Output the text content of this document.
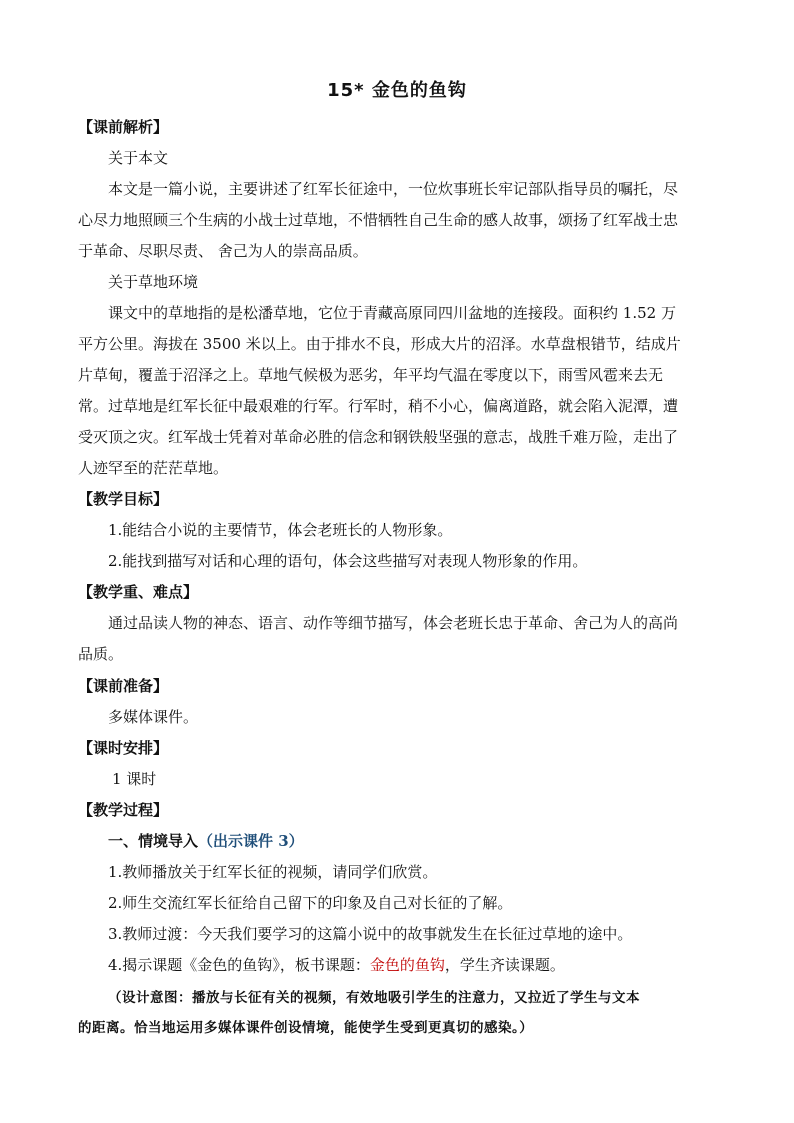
15* 金色的鱼钩
【课前解析】
关于本文
本文是一篇小说，主要讲述了红军长征途中，一位炊事班长牢记部队指导员的嘱托，尽
心尽力地照顾三个生病的小战士过草地，不惜牺牲自己生命的感人故事，颂扬了红军战士忠
于革命、尽职尽责、 舍己为人的崇高品质。
关于草地环境
课文中的草地指的是松潘草地，它位于青藏高原同四川盆地的连接段。面积约 1.52 万
平方公里。海拔在 3500 米以上。由于排水不良，形成大片的沼泽。水草盘根错节，结成片
片草甸，覆盖于沼泽之上。草地气候极为恶劣，年平均气温在零度以下，雨雪风雹来去无
常。过草地是红军长征中最艰难的行军。行军时，稍不小心，偏离道路，就会陷入泥潭，遭
受灭顶之灾。红军战士凭着对革命必胜的信念和钢铁般坚强的意志，战胜千难万险，走出了
人迹罕至的茫茫草地。
【教学目标】
1.能结合小说的主要情节，体会老班长的人物形象。
2.能找到描写对话和心理的语句，体会这些描写对表现人物形象的作用。
【教学重、难点】
通过品读人物的神态、语言、动作等细节描写，体会老班长忠于革命、舍己为人的高尚
品质。
【课前准备】
多媒体课件。
【课时安排】
1 课时
【教学过程】
一、情境导入（出示课件 3）
1.教师播放关于红军长征的视频，请同学们欣赏。
2.师生交流红军长征给自己留下的印象及自己对长征的了解。
3.教师过渡：今天我们要学习的这篇小说中的故事就发生在长征过草地的途中。
4.揭示课题《金色的鱼钩》，板书课题：金色的鱼钩，学生齐读课题。
（设计意图：播放与长征有关的视频，有效地吸引学生的注意力，又拉近了学生与文本
的距离。恰当地运用多媒体课件创设情境，能使学生受到更真切的感染。）
